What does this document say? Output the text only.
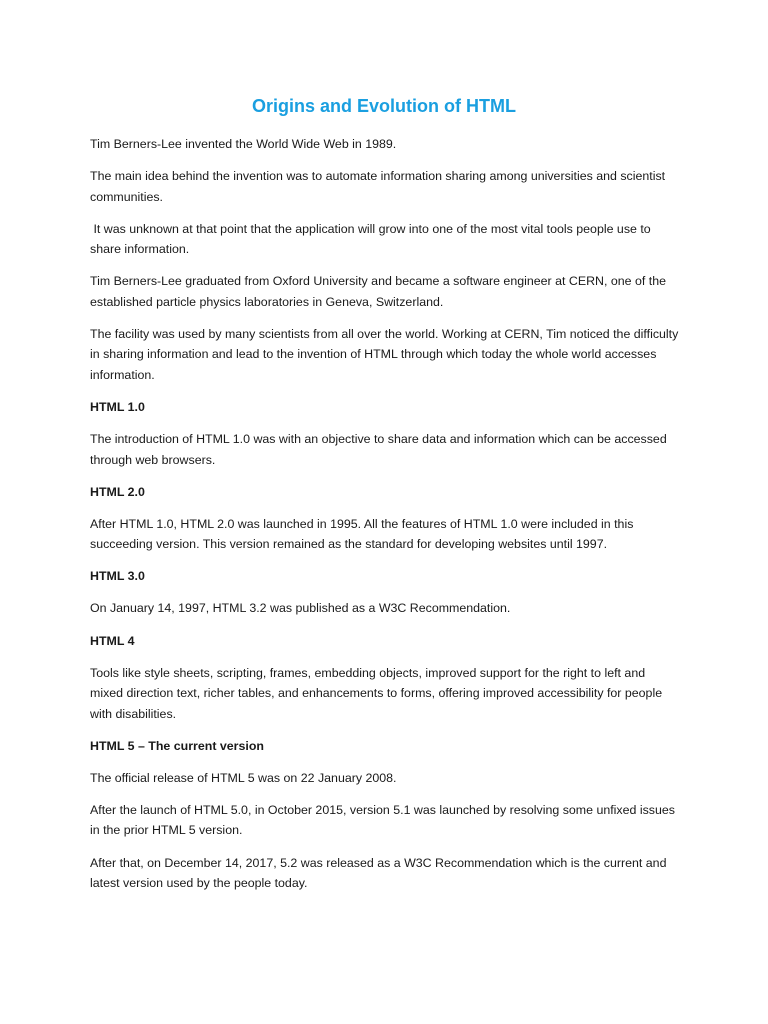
Origins and Evolution of HTML

Tim Berners-Lee invented the World Wide Web in 1989.

The main idea behind the invention was to automate information sharing among universities and scientist communities.

It was unknown at that point that the application will grow into one of the most vital tools people use to share information.

Tim Berners-Lee graduated from Oxford University and became a software engineer at CERN, one of the established particle physics laboratories in Geneva, Switzerland.

The facility was used by many scientists from all over the world. Working at CERN, Tim noticed the difficulty in sharing information and lead to the invention of HTML through which today the whole world accesses information.

HTML 1.0

The introduction of HTML 1.0 was with an objective to share data and information which can be accessed through web browsers.

HTML 2.0

After HTML 1.0, HTML 2.0 was launched in 1995. All the features of HTML 1.0 were included in this succeeding version. This version remained as the standard for developing websites until 1997.

HTML 3.0

On January 14, 1997, HTML 3.2 was published as a W3C Recommendation.

HTML 4

Tools like style sheets, scripting, frames, embedding objects, improved support for the right to left and mixed direction text, richer tables, and enhancements to forms, offering improved accessibility for people with disabilities.

HTML 5 – The current version

The official release of HTML 5 was on 22 January 2008.

After the launch of HTML 5.0, in October 2015, version 5.1 was launched by resolving some unfixed issues in the prior HTML 5 version.

After that, on December 14, 2017, 5.2 was released as a W3C Recommendation which is the current and latest version used by the people today.
